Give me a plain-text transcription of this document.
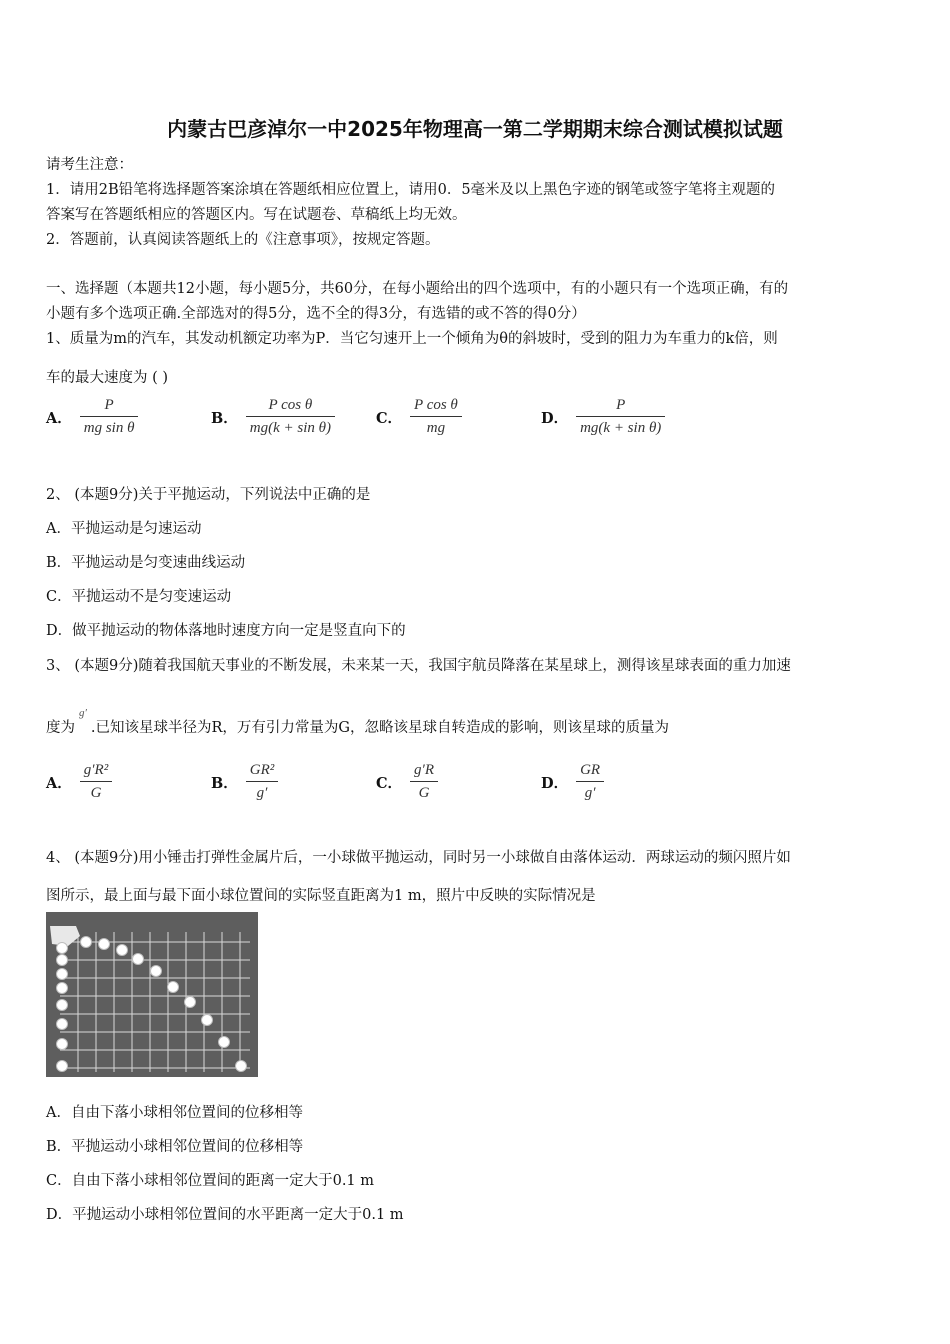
内蒙古巴彦淖尔一中2025年物理高一第二学期期末综合测试模拟试题
请考生注意：
1．请用2B铅笔将选择题答案涂填在答题纸相应位置上，请用0．5毫米及以上黑色字迹的钢笔或签字笔将主观题的
答案写在答题纸相应的答题区内。写在试题卷、草稿纸上均无效。
2．答题前，认真阅读答题纸上的《注意事项》，按规定答题。
一、选择题（本题共12小题，每小题5分，共60分，在每小题给出的四个选项中，有的小题只有一个选项正确，有的
小题有多个选项正确.全部选对的得5分，选不全的得3分，有选错的或不答的得0分）
1、质量为m的汽车，其发动机额定功率为P．当它匀速开上一个倾角为θ的斜坡时，受到的阻力为车重力的k倍，则
车的最大速度为 ( )
A． $\frac{P}{\text{mg sin θ}}$	B． $\frac{\text{P cos θ}}{\text{mg(k + sin θ)}}$	C． $\frac{\text{P cos θ}}{mg}$	D． $\frac{P}{\text{mg(k + sin θ)}}$
2、 (本题9分)关于平抛运动，下列说法中正确的是
A．平抛运动是匀速运动
B．平抛运动是匀变速曲线运动
C．平抛运动不是匀变速运动
D．做平抛运动的物体落地时速度方向一定是竖直向下的
3、 (本题9分)随着我国航天事业的不断发展，未来某一天，我国宇航员降落在某星球上，测得该星球表面的重力加速
度为$^{g'}$.已知该星球半径为R，万有引力常量为G，忽略该星球自转造成的影响，则该星球的质量为
A． $\frac{\text{g′R²}}{G}$	B． $\frac{\text{GR²}}{g'}$	C． $\frac{g'R}{G}$	D． $\frac{GR}{g'}$
4、 (本题9分)用小锤击打弹性金属片后，一小球做平抛运动，同时另一小球做自由落体运动．两球运动的频闪照片如
图所示，最上面与最下面小球位置间的实际竖直距离为1 m，照片中反映的实际情况是
A．自由下落小球相邻位置间的位移相等
B．平抛运动小球相邻位置间的位移相等
C．自由下落小球相邻位置间的距离一定大于0.1 m
D．平抛运动小球相邻位置间的水平距离一定大于0.1 m
